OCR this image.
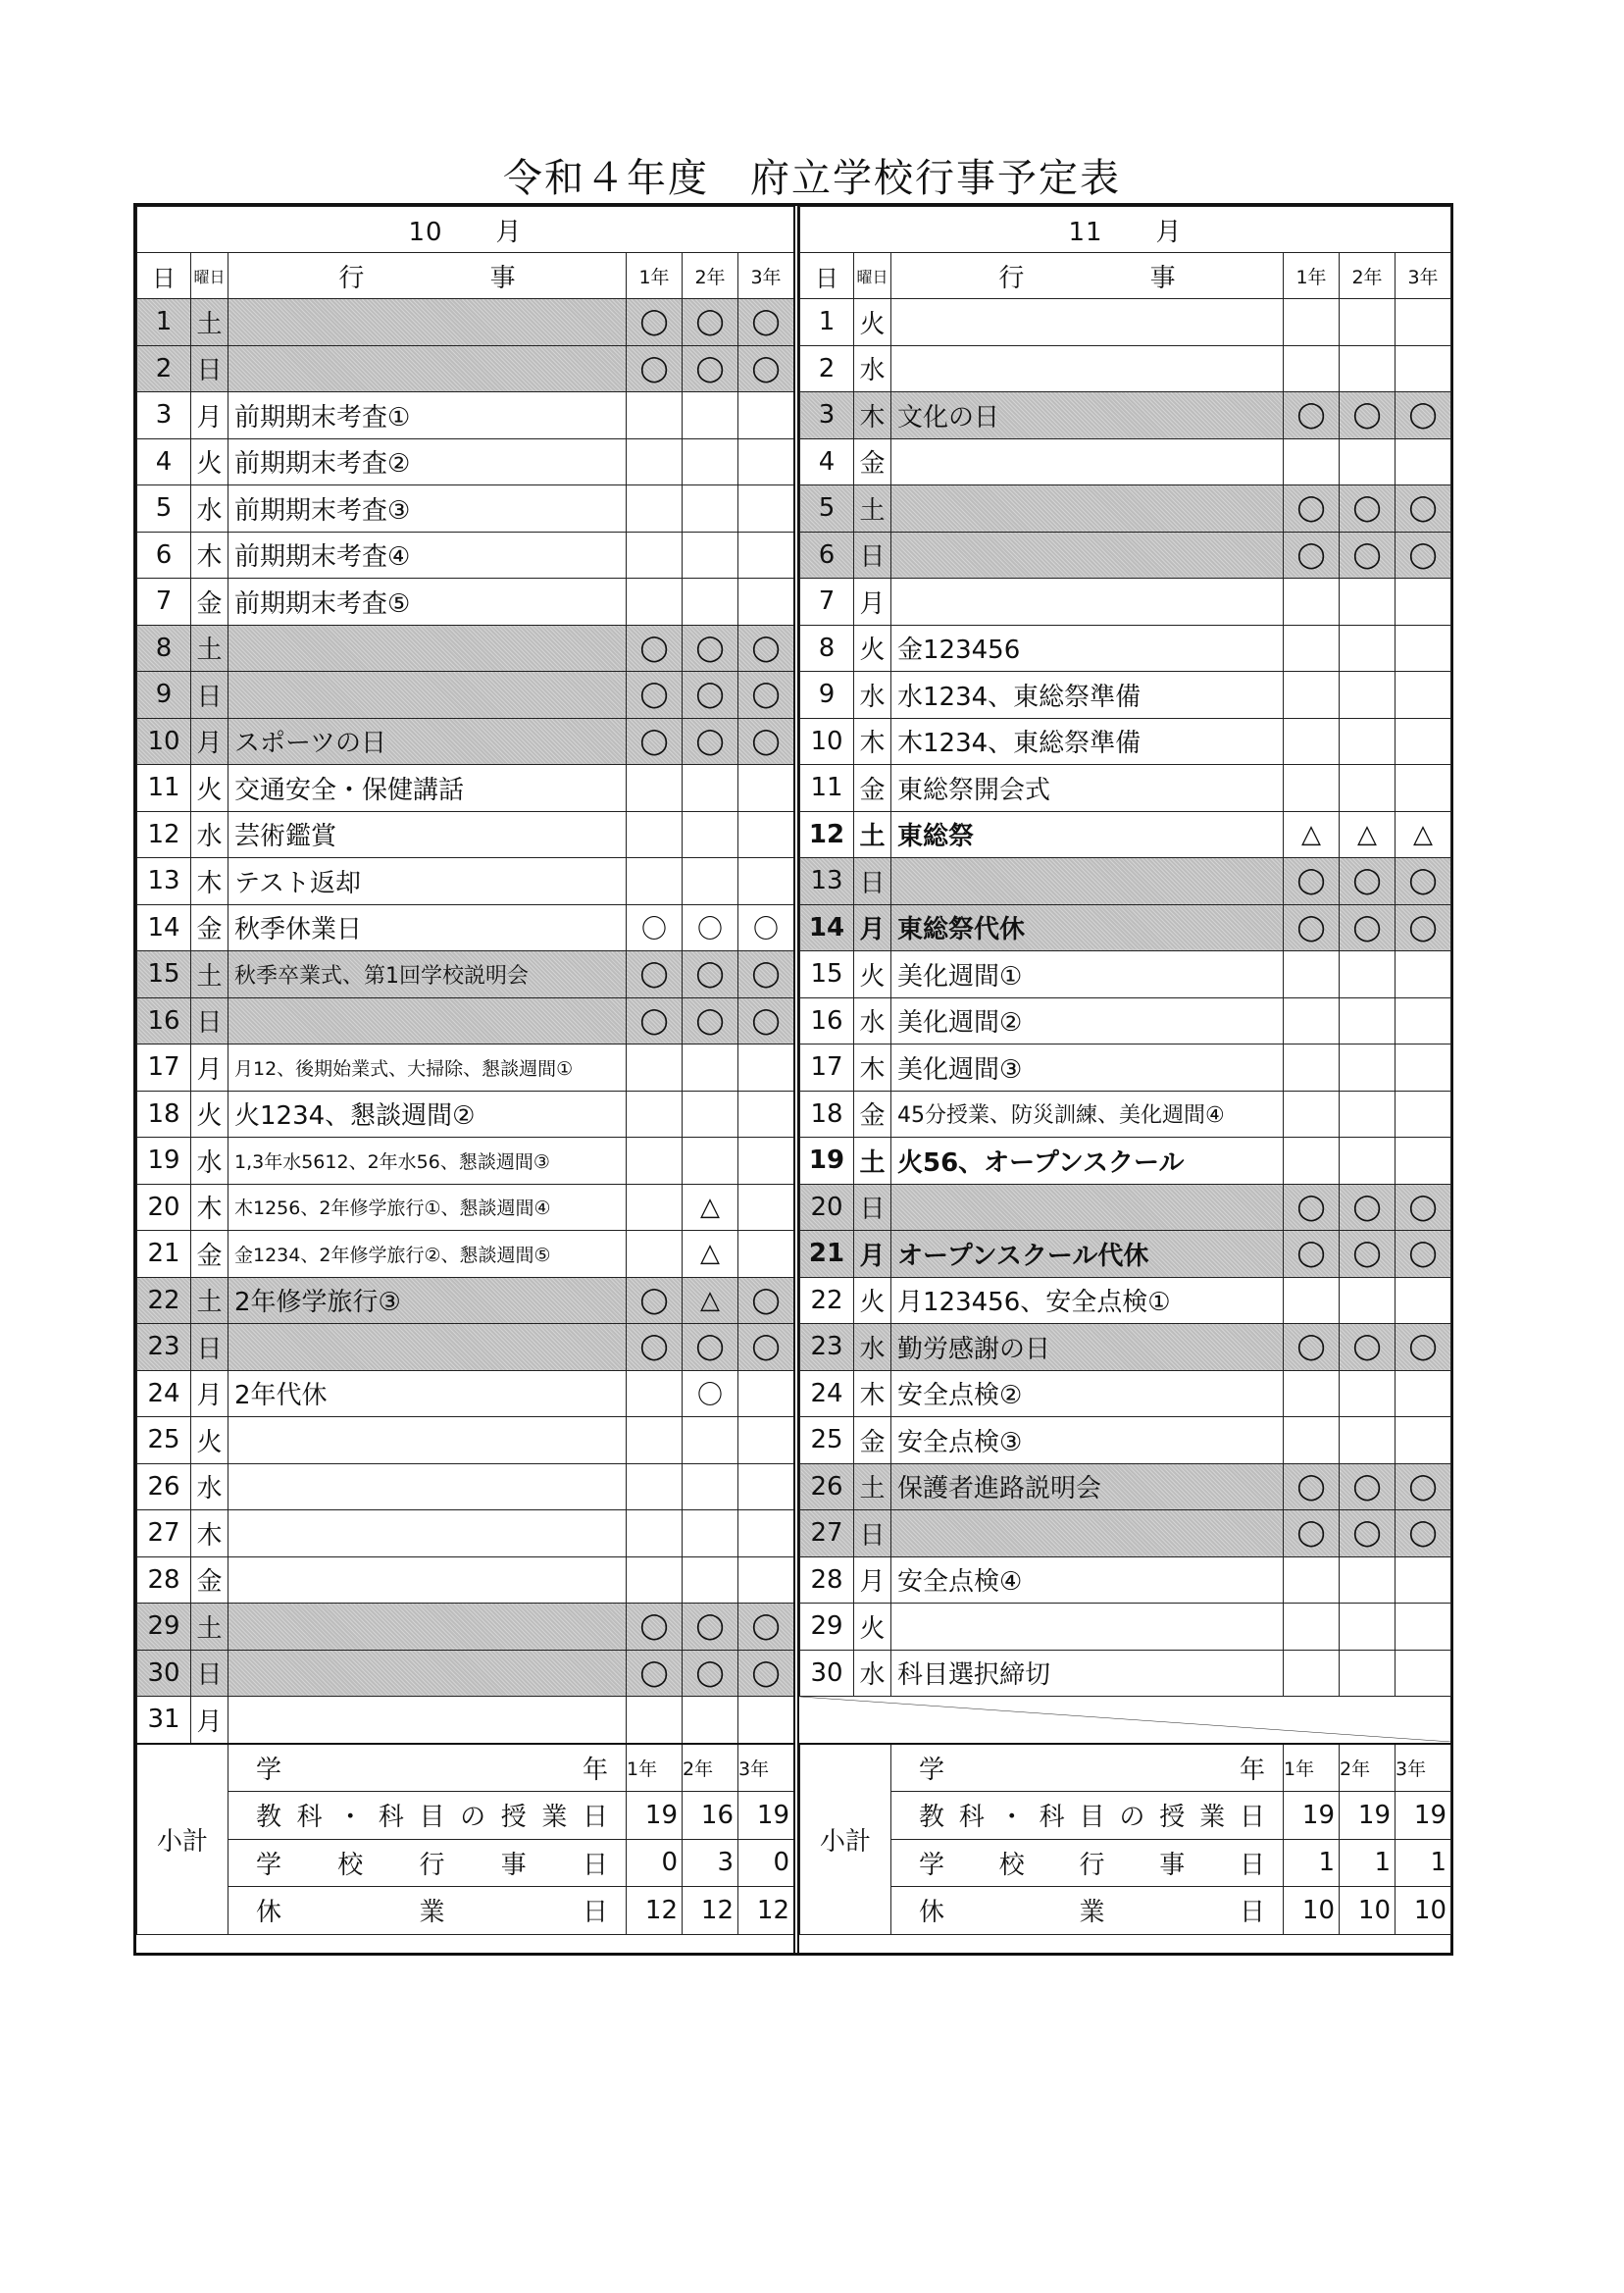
令和４年度　府立学校行事予定表
10　　月					
日	曜日	行 事	1年	2年	3年
1	土		◯	◯	◯
2	日		◯	◯	◯
3	月	前期期末考査①			
4	火	前期期末考査②			
5	水	前期期末考査③			
6	木	前期期末考査④			
7	金	前期期末考査⑤			
8	土		◯	◯	◯
9	日		◯	◯	◯
10	月	スポーツの日	◯	◯	◯
11	火	交通安全・保健講話			
12	水	芸術鑑賞			
13	木	テスト返却			
14	金	秋季休業日	〇	〇	〇
15	土	秋季卒業式、第1回学校説明会	◯	◯	◯
16	日		◯	◯	◯
17	月	月12、後期始業式、大掃除、懇談週間①			
18	火	火1234、懇談週間②			
19	水	1,3年水5612、2年水56、懇談週間③			
20	木	木1256、2年修学旅行①、懇談週間④		△	
21	金	金1234、2年修学旅行②、懇談週間⑤		△	
22	土	2年修学旅行③	◯	△	◯
23	日		◯	◯	◯
24	月	2年代休		〇	
25	火				
26	水				
27	木				
28	金				
29	土		◯	◯	◯
30	日		◯	◯	◯
31	月				
小計		学年	1年	2年	3年
		教科・科目の授業日	19	16	19
		学校行事日	0	3	0
		休業日	12	12	12
11　　月					
日	曜日	行 事	1年	2年	3年
1	火				
2	水				
3	木	文化の日	◯	◯	◯
4	金				
5	土		◯	◯	◯
6	日		◯	◯	◯
7	月				
8	火	金123456			
9	水	水1234、東総祭準備			
10	木	木1234、東総祭準備			
11	金	東総祭開会式			
12	土	東総祭	△	△	△
13	日		◯	◯	◯
14	月	東総祭代休	◯	◯	◯
15	火	美化週間①			
16	水	美化週間②			
17	木	美化週間③			
18	金	45分授業、防災訓練、美化週間④			
19	土	火56、オープンスクール			
20	日		◯	◯	◯
21	月	オープンスクール代休	◯	◯	◯
22	火	月123456、安全点検①			
23	水	勤労感謝の日	◯	◯	◯
24	木	安全点検②			
25	金	安全点検③			
26	土	保護者進路説明会	◯	◯	◯
27	日		◯	◯	◯
28	月	安全点検④			
29	火				
30	水	科目選択締切			

小計		学年	1年	2年	3年
		教科・科目の授業日	19	19	19
		学校行事日	1	1	1
		休業日	10	10	10
